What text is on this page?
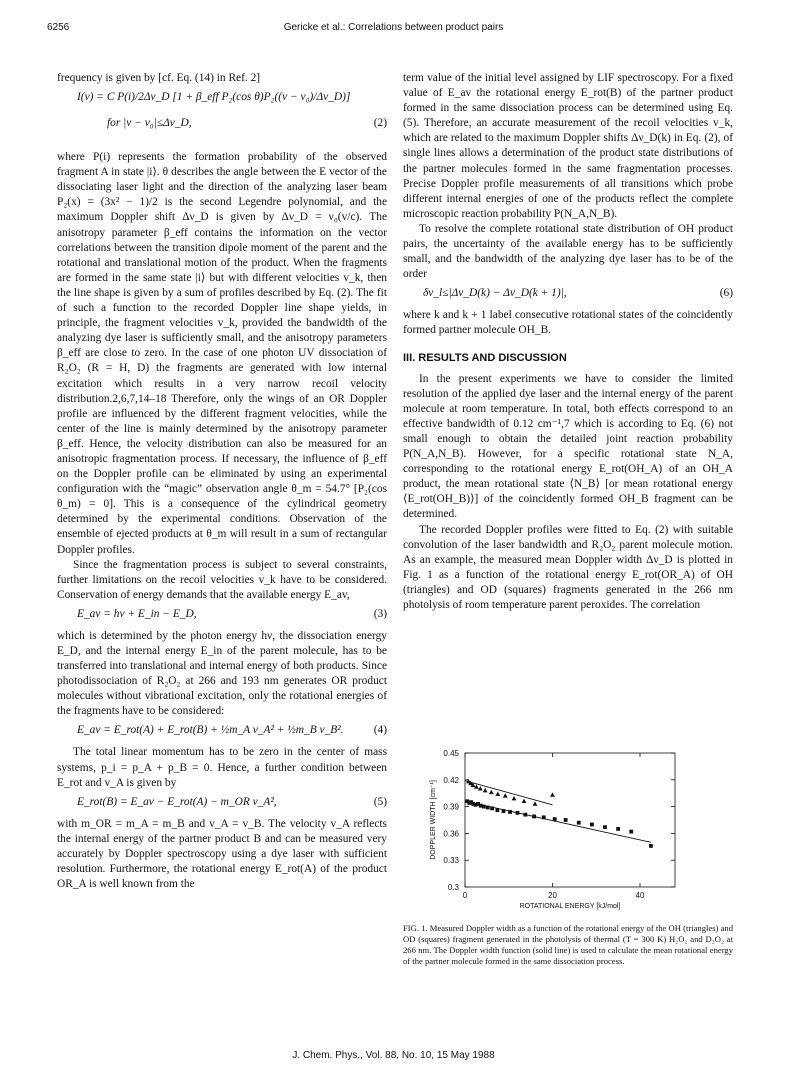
6256	Gericke et al.: Correlations between product pairs

frequency is given by [cf. Eq. (14) in Ref. 2]

I(ν) = C P(i)/2Δν_D [1 + β_eff P₂(cos θ)P₂((ν − ν₀)/Δν_D)]
for |ν − ν₀|≤Δν_D,	(2)

where P(i) represents the formation probability of the observed fragment A in state |i⟩. θ describes the angle between the E vector of the dissociating laser light and the direction of the analyzing laser beam P₂(x) = (3x² − 1)/2 is the second Legendre polynomial, and the maximum Doppler shift Δν_D is given by Δν_D = ν₀(v/c). The anisotropy parameter β_eff contains the information on the vector correlations between the transition dipole moment of the parent and the rotational and translational motion of the product. When the fragments are formed in the same state |i⟩ but with different velocities v_k, then the line shape is given by a sum of profiles described by Eq. (2). The fit of such a function to the recorded Doppler line shape yields, in principle, the fragment velocities v_k, provided the bandwidth of the analyzing dye laser is sufficiently small, and the anisotropy parameters β_eff are close to zero. In the case of one photon UV dissociation of R₂O₂ (R = H, D) the fragments are generated with low internal excitation which results in a very narrow recoil velocity distribution.2,6,7,14–18 Therefore, only the wings of an OR Doppler profile are influenced by the different fragment velocities, while the center of the line is mainly determined by the anisotropy parameter β_eff. Hence, the velocity distribution can also be measured for an anisotropic fragmentation process. If necessary, the influence of β_eff on the Doppler profile can be eliminated by using an experimental configuration with the “magic” observation angle θ_m = 54.7° [P₂(cos θ_m) = 0]. This is a consequence of the cylindrical geometry determined by the experimental conditions. Observation of the ensemble of ejected products at θ_m will result in a sum of rectangular Doppler profiles.

Since the fragmentation process is subject to several constraints, further limitations on the recoil velocities v_k have to be considered. Conservation of energy demands that the available energy E_av,

E_av = hν + E_in − E_D,	(3)

which is determined by the photon energy hν, the dissociation energy E_D, and the internal energy E_in of the parent molecule, has to be transferred into translational and internal energy of both products. Since photodissociation of R₂O₂ at 266 and 193 nm generates OR product molecules without vibrational excitation, only the rotational energies of the fragments have to be considered:

E_av = E_rot(A) + E_rot(B) + ½m_A v_A² + ½m_B v_B².	(4)

The total linear momentum has to be zero in the center of mass systems, p_i = p_A + p_B = 0. Hence, a further condition between E_rot and v_A is given by

E_rot(B) = E_av − E_rot(A) − m_OR v_A²,	(5)

with m_OR = m_A = m_B and v_A = v_B. The velocity v_A reflects the internal energy of the partner product B and can be measured very accurately by Doppler spectroscopy using a dye laser with sufficient resolution. Furthermore, the rotational energy E_rot(A) of the product OR_A is well known from the

term value of the initial level assigned by LIF spectroscopy. For a fixed value of E_av the rotational energy E_rot(B) of the partner product formed in the same dissociation process can be determined using Eq. (5). Therefore, an accurate measurement of the recoil velocities v_k, which are related to the maximum Doppler shifts Δν_D(k) in Eq. (2), of single lines allows a determination of the product state distributions of the partner molecules formed in the same fragmentation processes. Precise Doppler profile measurements of all transitions which probe different internal energies of one of the products reflect the complete microscopic reaction probability P(N_A,N_B).

To resolve the complete rotational state distribution of OH product pairs, the uncertainty of the available energy has to be sufficiently small, and the bandwidth of the analyzing dye laser has to be of the order

δν_l≤|Δν_D(k) − Δν_D(k + 1)|,	(6)

where k and k + 1 label consecutive rotational states of the coincidently formed partner molecule OH_B.

III. RESULTS AND DISCUSSION

In the present experiments we have to consider the limited resolution of the applied dye laser and the internal energy of the parent molecule at room temperature. In total, both effects correspond to an effective bandwidth of 0.12 cm⁻¹,7 which is according to Eq. (6) not small enough to obtain the detailed joint reaction probability P(N_A,N_B). However, for a specific rotational state N_A, corresponding to the rotational energy E_rot(OH_A) of an OH_A product, the mean rotational state ⟨N_B⟩ [or mean rotational energy ⟨E_rot(OH_B)⟩] of the coincidently formed OH_B fragment can be determined.

The recorded Doppler profiles were fitted to Eq. (2) with suitable convolution of the laser bandwidth and R₂O₂ parent molecule motion. As an example, the measured mean Doppler width Δν_D is plotted in Fig. 1 as a function of the rotational energy E_rot(OR_A) of OH (triangles) and OD (squares) fragments generated in the 266 nm photolysis of room temperature parent peroxides. The correlation

0.3
0.33
0.36
0.39
0.42
0.45
0	20	40
ROTATIONAL ENERGY [kJ/mol]
DOPPLER WIDTH [cm⁻¹]
FIG. 1. Measured Doppler width as a function of the rotational energy of the OH (triangles) and OD (squares) fragment generated in the photolysis of thermal (T = 300 K) H₂O₂ and D₂O₂ at 266 nm. The Doppler width function (solid line) is used to calculate the mean rotational energy of the partner molecule formed in the same dissociation process.
J. Chem. Phys., Vol. 88, No. 10, 15 May 1988
